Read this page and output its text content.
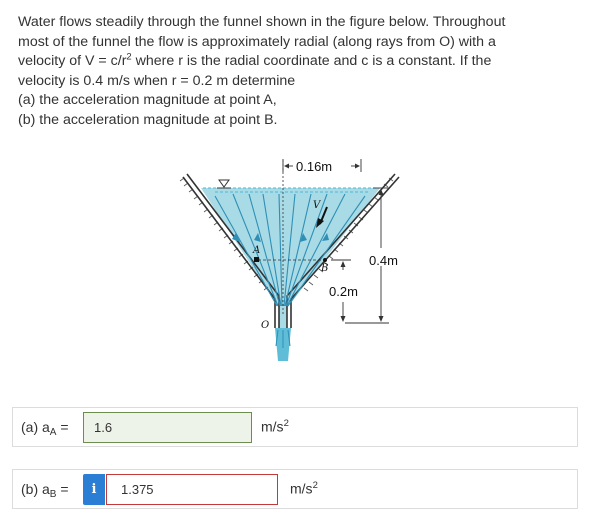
Water flows steadily through the funnel shown in the figure below. Throughout

most of the funnel the flow is approximately radial (along rays from O) with a

velocity of $V = c/r^2$ where r is the radial coordinate and c is a constant. If the

velocity is 0.4 m/s when r = 0.2 m determine

(a) the acceleration magnitude at point A,

(b) the acceleration magnitude at point B.

A
B
V
O
0.16m
0.4m
0.2m
(a) $a_A$ =	1.6	$m/s^2$
(b) $a_B$ =	i	1.375	$m/s^2$
